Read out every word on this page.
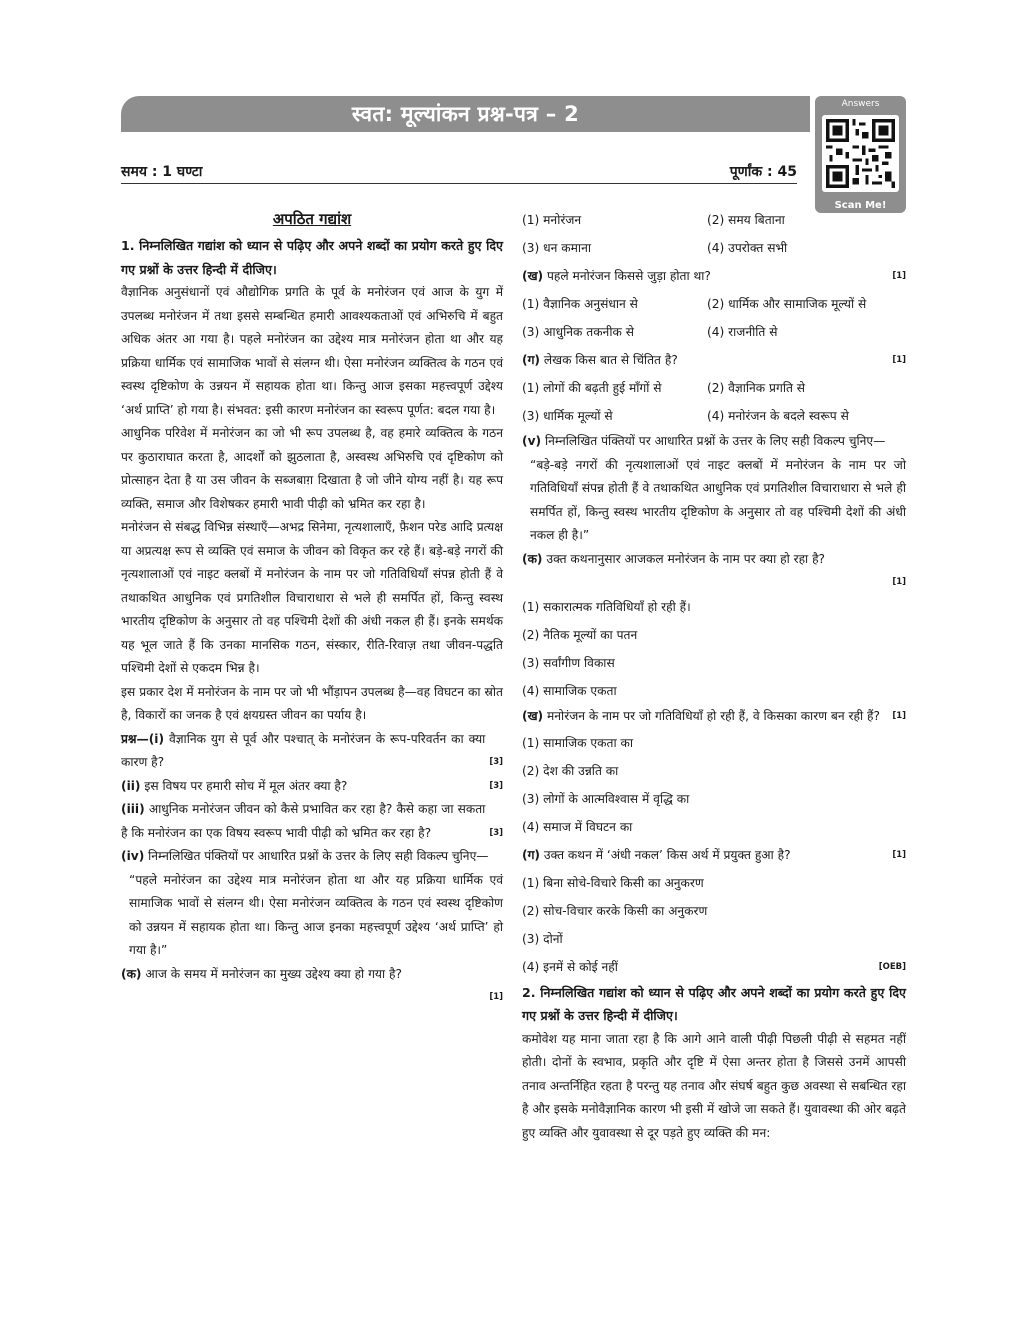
स्वत: मूल्यांकन प्रश्न-पत्र – 2	Answers
Scan Me!
समय : 1 घण्टा	पूर्णांक : 45
अपठित गद्यांश
1. निम्नलिखित गद्यांश को ध्यान से पढ़िए और अपने शब्दों का प्रयोग करते हुए दिए गए प्रश्नों के उत्तर हिन्दी में दीजिए।
वैज्ञानिक अनुसंधानों एवं औद्योगिक प्रगति के पूर्व के मनोरंजन एवं आज के युग में उपलब्ध मनोरंजन में तथा इससे सम्बन्धित हमारी आवश्यकताओं एवं अभिरुचि में बहुत अधिक अंतर आ गया है। पहले मनोरंजन का उद्देश्य मात्र मनोरंजन होता था और यह प्रक्रिया धार्मिक एवं सामाजिक भावों से संलग्न थी। ऐसा मनोरंजन व्यक्तित्व के गठन एवं स्वस्थ दृष्टिकोण के उन्नयन में सहायक होता था। किन्तु आज इसका महत्त्वपूर्ण उद्देश्य ‘अर्थ प्राप्ति’ हो गया है। संभवत: इसी कारण मनोरंजन का स्वरूप पूर्णत: बदल गया है।
आधुनिक परिवेश में मनोरंजन का जो भी रूप उपलब्ध है, वह हमारे व्यक्तित्व के गठन पर कुठाराघात करता है, आदर्शों को झुठलाता है, अस्वस्थ अभिरुचि एवं दृष्टिकोण को प्रोत्साहन देता है या उस जीवन के सब्जबाग़ दिखाता है जो जीने योग्य नहीं है। यह रूप व्यक्ति, समाज और विशेषकर हमारी भावी पीढ़ी को भ्रमित कर रहा है।
मनोरंजन से संबद्ध विभिन्न संस्थाएँ—अभद्र सिनेमा, नृत्यशालाएँ, फ़ैशन परेड आदि प्रत्यक्ष या अप्रत्यक्ष रूप से व्यक्ति एवं समाज के जीवन को विकृत कर रहे हैं। बड़े-बड़े नगरों की नृत्यशालाओं एवं नाइट क्लबों में मनोरंजन के नाम पर जो गतिविधियाँ संपन्न होती हैं वे तथाकथित आधुनिक एवं प्रगतिशील विचाराधारा से भले ही समर्पित हों, किन्तु स्वस्थ भारतीय दृष्टिकोण के अनुसार तो वह पश्चिमी देशों की अंधी नकल ही हैं। इनके समर्थक यह भूल जाते हैं कि उनका मानसिक गठन, संस्कार, रीति-रिवाज़ तथा जीवन-पद्धति पश्चिमी देशों से एकदम भिन्न है।
इस प्रकार देश में मनोरंजन के नाम पर जो भी भौंड़ापन उपलब्ध है—वह विघटन का स्रोत है, विकारों का जनक है एवं क्षयग्रस्त जीवन का पर्याय है।
प्रश्न—(i) वैज्ञानिक युग से पूर्व और पश्चात् के मनोरंजन के रूप-परिवर्तन का क्या कारण है?	[3]
(ii) इस विषय पर हमारी सोच में मूल अंतर क्या है?	[3]
(iii) आधुनिक मनोरंजन जीवन को कैसे प्रभावित कर रहा है? कैसे कहा जा सकता है कि मनोरंजन का एक विषय स्वरूप भावी पीढ़ी को भ्रमित कर रहा है?	[3]
(iv) निम्नलिखित पंक्तियों पर आधारित प्रश्नों के उत्तर के लिए सही विकल्प चुनिए—
“पहले मनोरंजन का उद्देश्य मात्र मनोरंजन होता था और यह प्रक्रिया धार्मिक एवं सामाजिक भावों से संलग्न थी। ऐसा मनोरंजन व्यक्तित्व के गठन एवं स्वस्थ दृष्टिकोण को उन्नयन में सहायक होता था। किन्तु आज इनका महत्त्वपूर्ण उद्देश्य ‘अर्थ प्राप्ति’ हो गया है।”
(क) आज के समय में मनोरंजन का मुख्य उद्देश्य क्या हो गया है?
[1]
(1) मनोरंजन	(2) समय बिताना
(3) धन कमाना	(4) उपरोक्त सभी
(ख) पहले मनोरंजन किससे जुड़ा होता था?	[1]
(1) वैज्ञानिक अनुसंधान से	(2) धार्मिक और सामाजिक मूल्यों से
(3) आधुनिक तकनीक से	(4) राजनीति से
(ग) लेखक किस बात से चिंतित है?	[1]
(1) लोगों की बढ़ती हुई माँगों से	(2) वैज्ञानिक प्रगति से
(3) धार्मिक मूल्यों से	(4) मनोरंजन के बदले स्वरूप से
(v) निम्नलिखित पंक्तियों पर आधारित प्रश्नों के उत्तर के लिए सही विकल्प चुनिए—
“बड़े-बड़े नगरों की नृत्यशालाओं एवं नाइट क्लबों में मनोरंजन के नाम पर जो गतिविधियाँ संपन्न होती हैं वे तथाकथित आधुनिक एवं प्रगतिशील विचाराधारा से भले ही समर्पित हों, किन्तु स्वस्थ भारतीय दृष्टिकोण के अनुसार तो वह पश्चिमी देशों की अंधी नकल ही है।”
(क) उक्त कथनानुसार आजकल मनोरंजन के नाम पर क्या हो रहा है?
[1]
(1) सकारात्मक गतिविधियाँ हो रही हैं।
(2) नैतिक मूल्यों का पतन
(3) सर्वांगीण विकास
(4) सामाजिक एकता
(ख) मनोरंजन के नाम पर जो गतिविधियाँ हो रही हैं, वे किसका कारण बन रही हैं?	[1]
(1) सामाजिक एकता का
(2) देश की उन्नति का
(3) लोगों के आत्मविश्वास में वृद्धि का
(4) समाज में विघटन का
(ग) उक्त कथन में ‘अंधी नकल’ किस अर्थ में प्रयुक्त हुआ है?	[1]
(1) बिना सोचे-विचारे किसी का अनुकरण
(2) सोच-विचार करके किसी का अनुकरण
(3) दोनों
(4) इनमें से कोई नहीं	[OEB]
2. निम्नलिखित गद्यांश को ध्यान से पढ़िए और अपने शब्दों का प्रयोग करते हुए दिए गए प्रश्नों के उत्तर हिन्दी में दीजिए।
कमोवेश यह माना जाता रहा है कि आगे आने वाली पीढ़ी पिछली पीढ़ी से सहमत नहीं होती। दोनों के स्वभाव, प्रकृति और दृष्टि में ऐसा अन्तर होता है जिससे उनमें आपसी तनाव अन्तर्निहित रहता है परन्तु यह तनाव और संघर्ष बहुत कुछ अवस्था से सबन्धित रहा है और इसके मनोवैज्ञानिक कारण भी इसी में खोजे जा सकते हैं। युवावस्था की ओर बढ़ते हुए व्यक्ति और युवावस्था से दूर पड़ते हुए व्यक्ति की मन:
